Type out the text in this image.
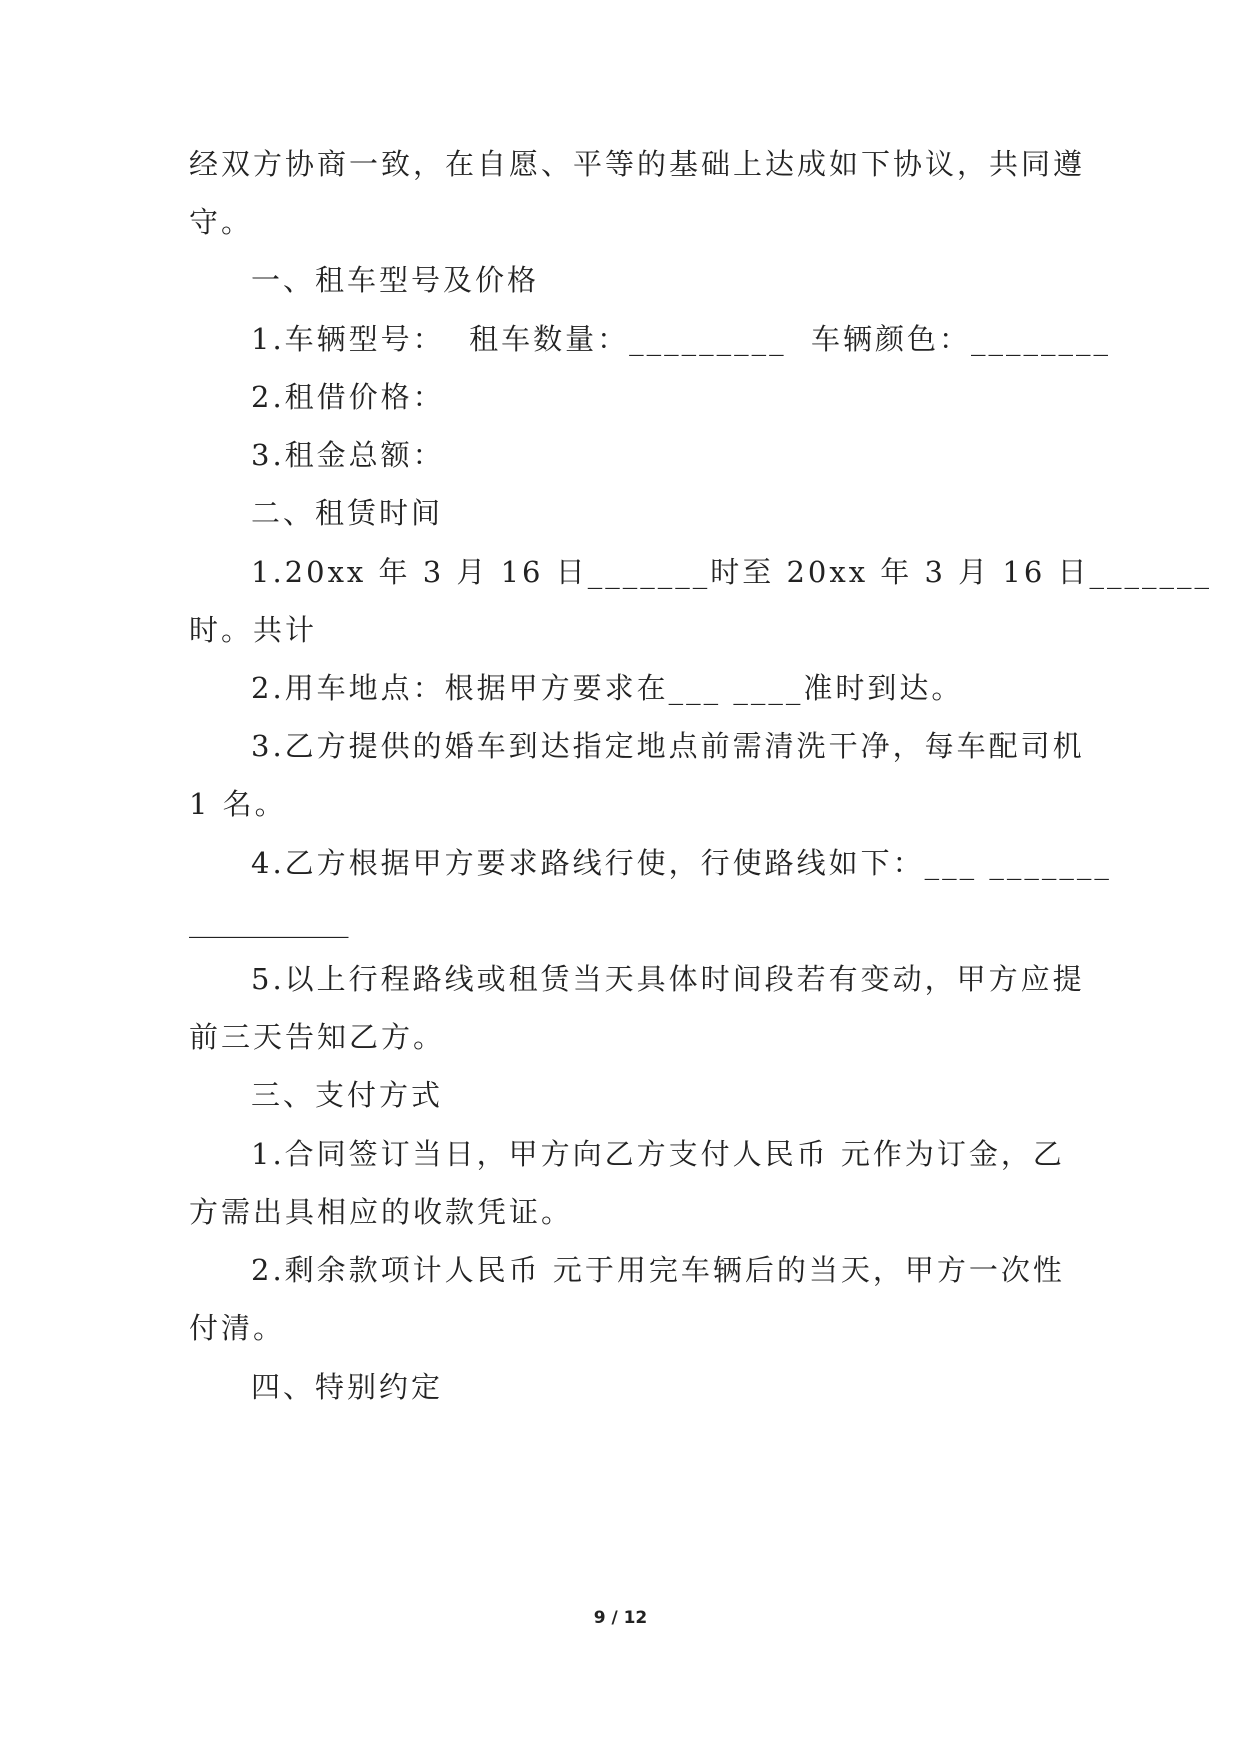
经双方协商一致，在自愿、平等的基础上达成如下协议，共同遵
守。
一、租车型号及价格
1.车辆型号：  租车数量：_________  车辆颜色：________
2.租借价格：
3.租金总额：
二、租赁时间
1.20xx 年 3 月 16 日_______时至 20xx 年 3 月 16 日_______
时。共计
2.用车地点：根据甲方要求在___ ____准时到达。
3.乙方提供的婚车到达指定地点前需清洗干净，每车配司机
1 名。
4.乙方根据甲方要求路线行使，行使路线如下：___ _______
___________
5.以上行程路线或租赁当天具体时间段若有变动，甲方应提
前三天告知乙方。
三、支付方式
1.合同签订当日，甲方向乙方支付人民币 元作为订金，乙
方需出具相应的收款凭证。
2.剩余款项计人民币 元于用完车辆后的当天，甲方一次性
付清。
四、特别约定
9 / 12
